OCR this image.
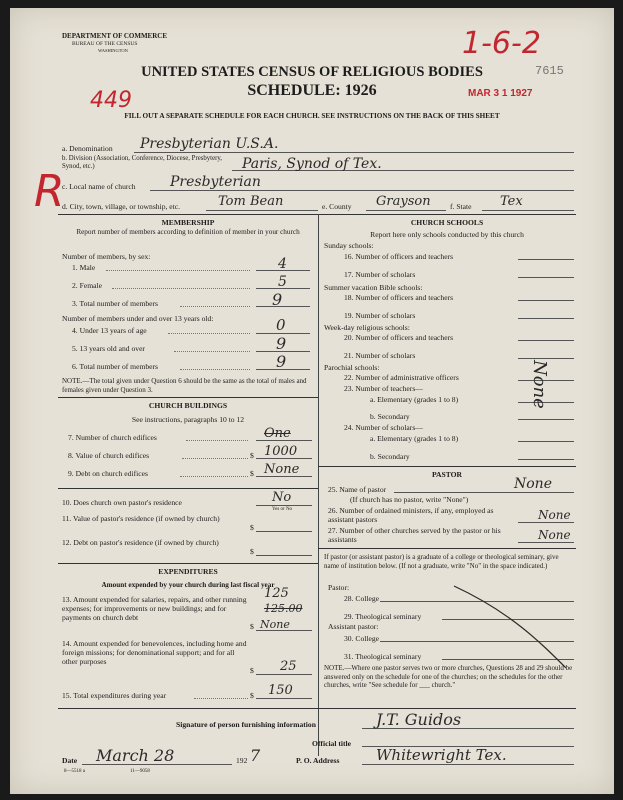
DEPARTMENT OF COMMERCE
BUREAU OF THE CENSUS
WASHINGTON	1-6-2
7615
UNITED STATES CENSUS OF RELIGIOUS BODIES
SCHEDULE: 1926
449	MAR 3 1 1927
FILL OUT A SEPARATE SCHEDULE FOR EACH CHURCH. SEE INSTRUCTIONS ON THE BACK OF THIS SHEET
a. Denomination Presbyterian U.S.A.
b. Division (Association, Conference, Diocese, Presbytery, Synod, etc.)	Paris, Synod of Tex.
c. Local name of church Presbyterian
R
d. City, town, village, or township, etc.	Tom Bean	e. County Grayson	f. State Tex
MEMBERSHIP
Report number of members according to definition of member in your church
Number of members, by sex:
1. Male	4
2. Female	5
3. Total number of members	9
Number of members under and over 13 years old:
4. Under 13 years of age	0
5. 13 years old and over	9
6. Total number of members	9
NOTE.—The total given under Question 6 should be the same as the total of males and females given under Question 3.
CHURCH BUILDINGS
See instructions, paragraphs 10 to 12
7. Number of church edifices	One
8. Value of church edifices	$ 1000
9. Debt on church edifices	$ None
10. Does church own pastor's residence	No
Yes or No
11. Value of pastor's residence (if owned by church)
$
12. Debt on pastor's residence (if owned by church)
$
EXPENDITURES
Amount expended by your church during last fiscal year
13. Amount expended for salaries, repairs, and other running expenses; for improvements or new buildings; and for payments on church debt
$
125
125.00
None
14. Amount expended for benevolences, including home and foreign missions; for denominational support; and for all other purposes
$ 25
15. Total expenditures during year	$ 150
CHURCH SCHOOLS
Report here only schools conducted by this church
Sunday schools:
16. Number of officers and teachers
17. Number of scholars
Summer vacation Bible schools:
18. Number of officers and teachers
19. Number of scholars
Week-day religious schools:
20. Number of officers and teachers
21. Number of scholars
Parochial schools:
22. Number of administrative officers
23. Number of teachers—
a. Elementary (grades 1 to 8)
b. Secondary
24. Number of scholars—
a. Elementary (grades 1 to 8)
b. Secondary
None
PASTOR
25. Name of pastor	None
(If church has no pastor, write "None")
26. Number of ordained ministers, if any, employed as assistant pastors	None
27. Number of other churches served by the pastor or his assistants	None
If pastor (or assistant pastor) is a graduate of a college or theological seminary, give name of institution below. (If not a graduate, write "No" in the space indicated.)
Pastor:
28. College
29. Theological seminary
Assistant pastor:
30. College
31. Theological seminary
NOTE.—Where one pastor serves two or more churches, Questions 28 and 29 should be answered only on the schedule for one of the churches; on the schedules for the other churches, write "See schedule for ___ church."
Signature of person furnishing information	J.T. Guidos
Official title
Date March 28	192 7	P. O. Address Whitewright Tex.
8—5518 a	11—9058
